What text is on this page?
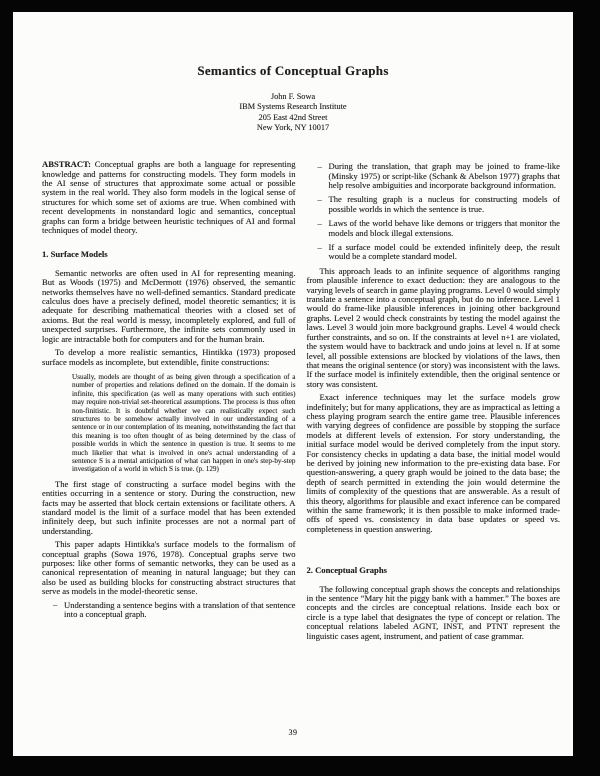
Semantics of Conceptual Graphs
John F. Sowa
IBM Systems Research Institute
205 East 42nd Street
New York, NY 10017

ABSTRACT: Conceptual graphs are both a language for representing knowledge and patterns for constructing models. They form models in the AI sense of structures that approximate some actual or possible system in the real world. They also form models in the logical sense of structures for which some set of axioms are true. When combined with recent developments in nonstandard logic and semantics, conceptual graphs can form a bridge between heuristic techniques of AI and formal techniques of model theory.

1. Surface Models

Semantic networks are often used in AI for representing meaning. But as Woods (1975) and McDermott (1976) observed, the semantic networks themselves have no well-defined semantics. Standard predicate calculus does have a precisely defined, model theoretic semantics; it is adequate for describing mathematical theories with a closed set of axioms. But the real world is messy, incompletely explored, and full of unexpected surprises. Furthermore, the infinite sets commonly used in logic are intractable both for computers and for the human brain.

To develop a more realistic semantics, Hintikka (1973) proposed surface models as incomplete, but extendible, finite constructions:

Usually, models are thought of as being given through a specification of a number of properties and relations defined on the domain. If the domain is infinite, this specification (as well as many operations with such entities) may require non-trivial set-theoretical assumptions. The process is thus often non-finitistic. It is doubtful whether we can realistically expect such structures to be somehow actually involved in our understanding of a sentence or in our contemplation of its meaning, notwithstanding the fact that this meaning is too often thought of as being determined by the class of possible worlds in which the sentence in question is true. It seems to me much likelier that what is involved in one's actual understanding of a sentence S is a mental anticipation of what can happen in one's step-by-step investigation of a world in which S is true. (p. 129)

The first stage of constructing a surface model begins with the entities occurring in a sentence or story. During the construction, new facts may be asserted that block certain extensions or facilitate others. A standard model is the limit of a surface model that has been extended infinitely deep, but such infinite processes are not a normal part of understanding.

This paper adapts Hintikka's surface models to the formalism of conceptual graphs (Sowa 1976, 1978). Conceptual graphs serve two purposes: like other forms of semantic networks, they can be used as a canonical representation of meaning in natural language; but they can also be used as building blocks for constructing abstract structures that serve as models in the model-theoretic sense.

– Understanding a sentence begins with a translation of that sentence into a conceptual graph.
– During the translation, that graph may be joined to frame-like (Minsky 1975) or script-like (Schank & Abelson 1977) graphs that help resolve ambiguities and incorporate background information.
– The resulting graph is a nucleus for constructing models of possible worlds in which the sentence is true.
– Laws of the world behave like demons or triggers that monitor the models and block illegal extensions.
– If a surface model could be extended infinitely deep, the result would be a complete standard model.

This approach leads to an infinite sequence of algorithms ranging from plausible inference to exact deduction: they are analogous to the varying levels of search in game playing programs. Level 0 would simply translate a sentence into a conceptual graph, but do no inference. Level 1 would do frame-like plausible inferences in joining other background graphs. Level 2 would check constraints by testing the model against the laws. Level 3 would join more background graphs. Level 4 would check further constraints, and so on. If the constraints at level n+1 are violated, the system would have to backtrack and undo joins at level n. If at some level, all possible extensions are blocked by violations of the laws, then that means the original sentence (or story) was inconsistent with the laws. If the surface model is infinitely extendible, then the original sentence or story was consistent.

Exact inference techniques may let the surface models grow indefinitely; but for many applications, they are as impractical as letting a chess playing program search the entire game tree. Plausible inferences with varying degrees of confidence are possible by stopping the surface models at different levels of extension. For story understanding, the initial surface model would be derived completely from the input story. For consistency checks in updating a data base, the initial model would be derived by joining new information to the pre-existing data base. For question-answering, a query graph would be joined to the data base; the depth of search permitted in extending the join would determine the limits of complexity of the questions that are answerable. As a result of this theory, algorithms for plausible and exact inference can be compared within the same framework; it is then possible to make informed trade-offs of speed vs. consistency in data base updates or speed vs. completeness in question answering.

2. Conceptual Graphs

The following conceptual graph shows the concepts and relationships in the sentence “Mary hit the piggy bank with a hammer.” The boxes are concepts and the circles are conceptual relations. Inside each box or circle is a type label that designates the type of concept or relation. The conceptual relations labeled AGNT, INST, and PTNT represent the linguistic cases agent, instrument, and patient of case grammar.

39
